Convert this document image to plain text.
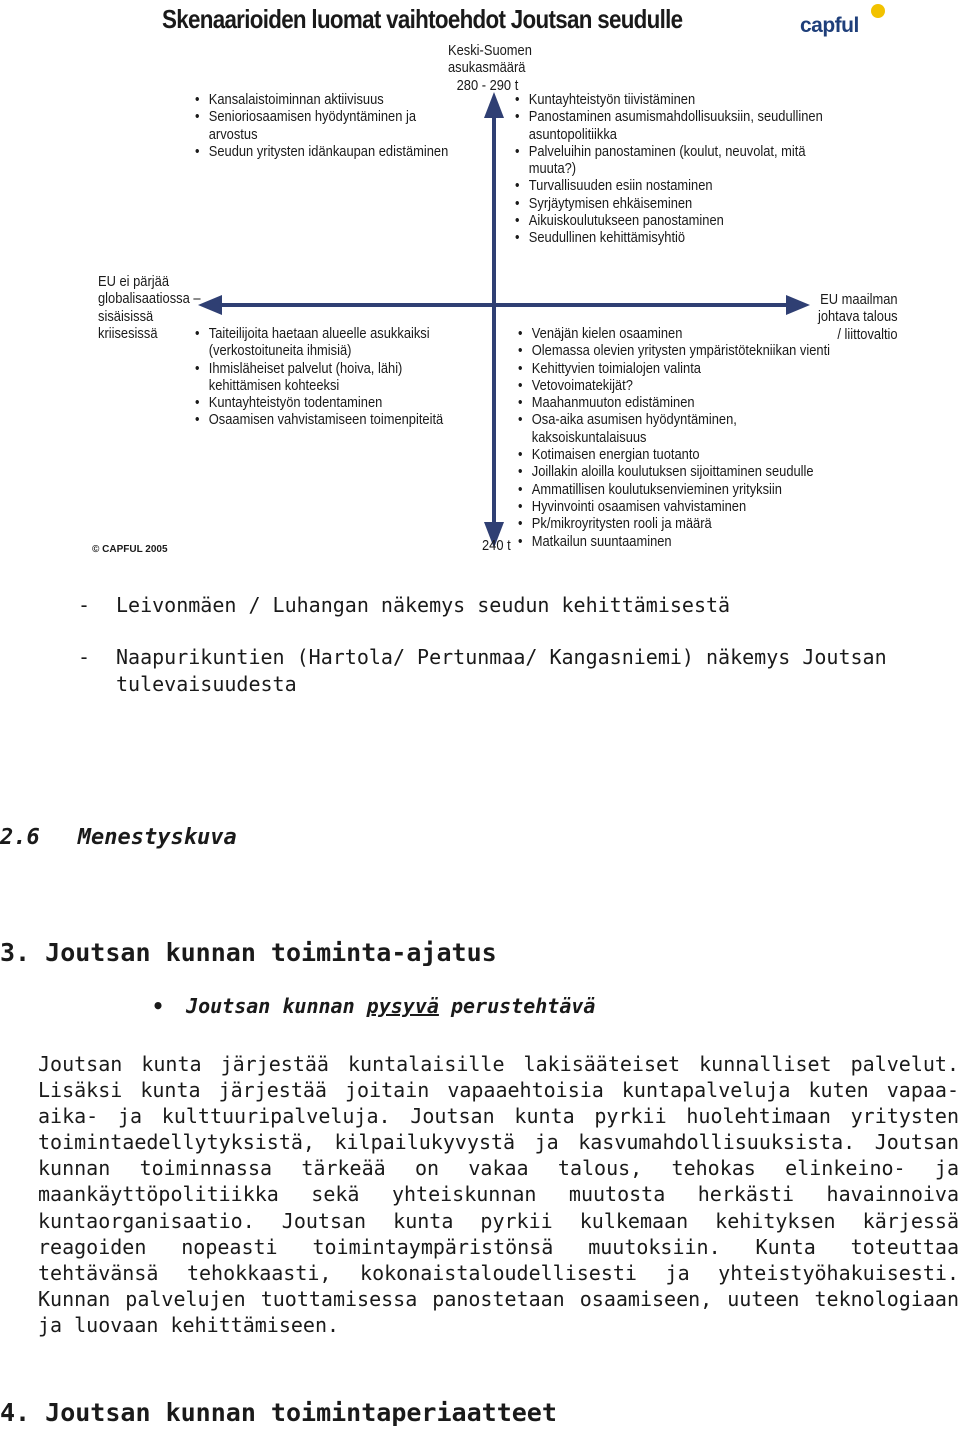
Skenaarioiden luomat vaihtoehdot Joutsan seudulle	capful
Keski-Suomen
asukasmäärä
280 - 290 t
240 t
EU ei pärjää
globalisaatiossa –
sisäisissä
kriisesissä
EU maailman
johtava talous
/ liittovaltio
© CAPFUL 2005
• Kansalaistoiminnan aktiivisuus
• Senioriosaamisen hyödyntäminen ja
arvostus
• Seudun yritysten idänkaupan edistäminen
• Kuntayhteistyön tiivistäminen
• Panostaminen asumismahdollisuuksiin, seudullinen
asuntopolitiikka
• Palveluihin panostaminen (koulut, neuvolat, mitä
muuta?)
• Turvallisuuden esiin nostaminen
• Syrjäytymisen ehkäiseminen
• Aikuiskoulutukseen panostaminen
• Seudullinen kehittämisyhtiö
• Taiteilijoita haetaan alueelle asukkaiksi
(verkostoituneita ihmisiä)
• Ihmisläheiset palvelut (hoiva, lähi)
kehittämisen kohteeksi
• Kuntayhteistyön todentaminen
• Osaamisen vahvistamiseen toimenpiteitä
• Venäjän kielen osaaminen
• Olemassa olevien yritysten ympäristötekniikan vienti
• Kehittyvien toimialojen valinta
• Vetovoimatekijät?
• Maahanmuuton edistäminen
• Osa-aika asumisen hyödyntäminen,
kaksoiskuntalaisuus
• Kotimaisen energian tuotanto
• Joillakin aloilla koulutuksen sijoittaminen seudulle
• Ammatillisen koulutuksenvieminen yrityksiin
• Hyvinvointi osaamisen vahvistaminen
• Pk/mikroyritysten rooli ja määrä
• Matkailun suuntaaminen
- Leivonmäen / Luhangan näkemys seudun kehittämisestä
- Naapurikuntien (Hartola/ Pertunmaa/ Kangasniemi) näkemys Joutsan tulevaisuudesta
2.6 Menestyskuva
3. Joutsan kunnan toiminta-ajatus
• Joutsan kunnan pysyvä perustehtävä
Joutsan kunta järjestää kuntalaisille lakisääteiset kunnalliset palvelut. Lisäksi kunta järjestää joitain vapaaehtoisia kuntapalveluja kuten vapaa-aika- ja kulttuuripalveluja. Joutsan kunta pyrkii huolehtimaan yritysten toimintaedellytyksistä, kilpailukyvystä ja kasvumahdollisuuksista. Joutsan kunnan toiminnassa tärkeää on vakaa talous, tehokas elinkeino- ja maankäyttöpolitiikka sekä yhteiskunnan muutosta herkästi havainnoiva kuntaorganisaatio. Joutsan kunta pyrkii kulkemaan kehityksen kärjessä reagoiden nopeasti toimintaympäristönsä muutoksiin. Kunta toteuttaa tehtävänsä tehokkaasti, kokonaistaloudellisesti ja yhteistyöhakuisesti. Kunnan palvelujen tuottamisessa panostetaan osaamiseen, uuteen teknologiaan ja luovaan kehittämiseen.
4. Joutsan kunnan toimintaperiaatteet
